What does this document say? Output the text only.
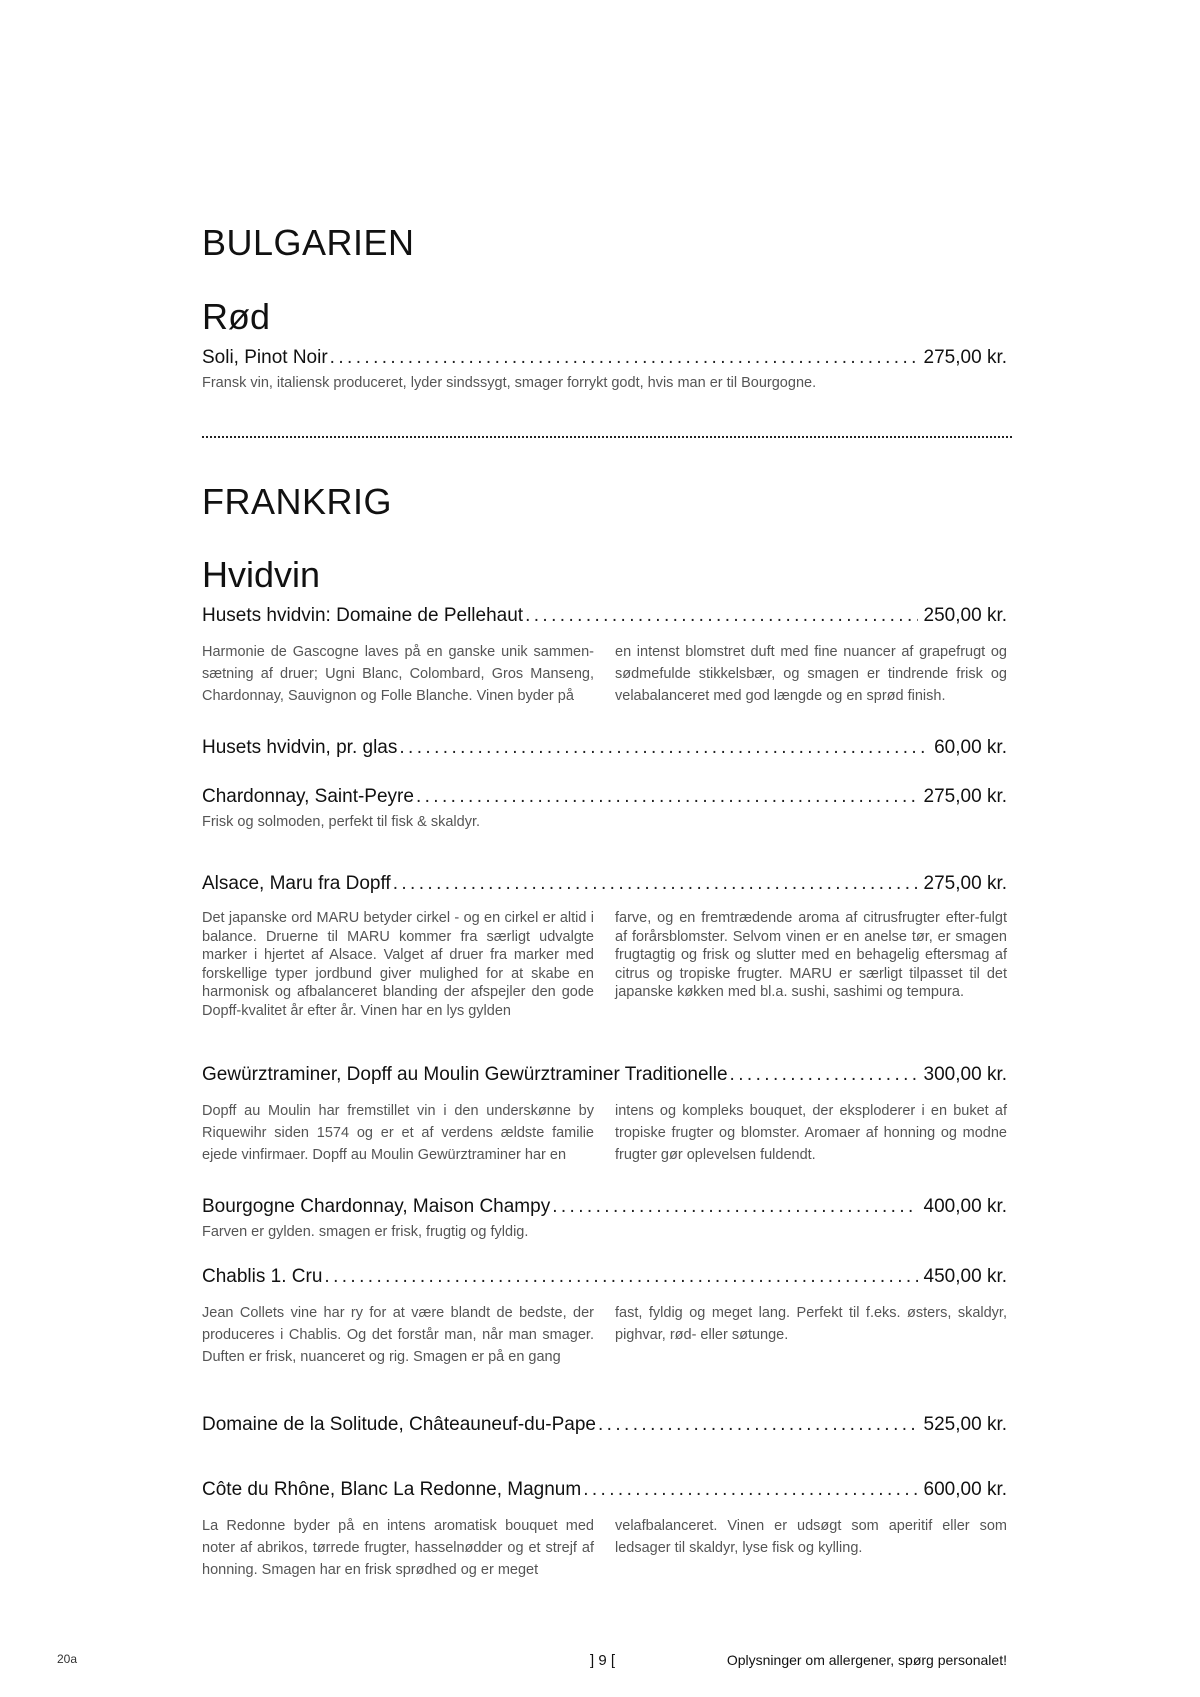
BULGARIEN
Rød
Soli, Pinot Noir .....	275,00 kr.
Fransk vin, italiensk produceret, lyder sindssygt, smager forrykt godt, hvis man er til Bourgogne.
FRANKRIG
Hvidvin
Husets hvidvin: Domaine de Pellehaut .....	250,00 kr.
Harmonie de Gascogne laves på en ganske unik sammen-sætning af druer; Ugni Blanc, Colombard, Gros Manseng, Chardonnay, Sauvignon og Folle Blanche. Vinen byder på
en intenst blomstret duft med fine nuancer af grapefrugt og sødmefulde stikkelsbær, og smagen er tindrende frisk og velabalanceret med god længde og en sprød finish.
Husets hvidvin, pr. glas .....	60,00 kr.
Chardonnay, Saint-Peyre .....	275,00 kr.
Frisk og solmoden, perfekt til fisk & skaldyr.
Alsace, Maru fra Dopff .....	275,00 kr.
Det japanske ord MARU betyder cirkel - og en cirkel er altid i balance. Druerne til MARU kommer fra særligt udvalgte marker i hjertet af Alsace. Valget af druer fra marker med forskellige typer jordbund giver mulighed for at skabe en harmonisk og afbalanceret blanding der afspejler den gode Dopff-kvalitet år efter år. Vinen har en lys gylden
farve, og en fremtrædende aroma af citrusfrugter efter-fulgt af forårsblomster. Selvom vinen er en anelse tør, er smagen frugtagtig og frisk og slutter med en behagelig eftersmag af citrus og tropiske frugter. MARU er særligt tilpasset til det japanske køkken med bl.a. sushi, sashimi og tempura.
Gewürztraminer, Dopff au Moulin Gewürztraminer Traditionelle .....	300,00 kr.
Dopff au Moulin har fremstillet vin i den underskønne by Riquewihr siden 1574 og er et af verdens ældste familie ejede vinfirmaer. Dopff au Moulin Gewürztraminer har en
intens og kompleks bouquet, der eksploderer i en buket af tropiske frugter og blomster. Aromaer af honning og modne frugter gør oplevelsen fuldendt.
Bourgogne Chardonnay, Maison Champy .....	400,00 kr.
Farven er gylden. smagen er frisk, frugtig og fyldig.
Chablis 1. Cru .....	450,00 kr.
Jean Collets vine har ry for at være blandt de bedste, der produceres i Chablis. Og det forstår man, når man smager. Duften er frisk, nuanceret og rig. Smagen er på en gang
fast, fyldig og meget lang. Perfekt til f.eks. østers, skaldyr, pighvar, rød- eller søtunge.
Domaine de la Solitude, Châteauneuf-du-Pape .....	525,00 kr.
Côte du Rhône, Blanc La Redonne, Magnum .....	600,00 kr.
La Redonne byder på en intens aromatisk bouquet med noter af abrikos, tørrede frugter, hasselnødder og et strejf af honning. Smagen har en frisk sprødhed og er meget
velafbalanceret. Vinen er udsøgt som aperitif eller som ledsager til skaldyr, lyse fisk og kylling.
20a	] 9 [	Oplysninger om allergener, spørg personalet!
